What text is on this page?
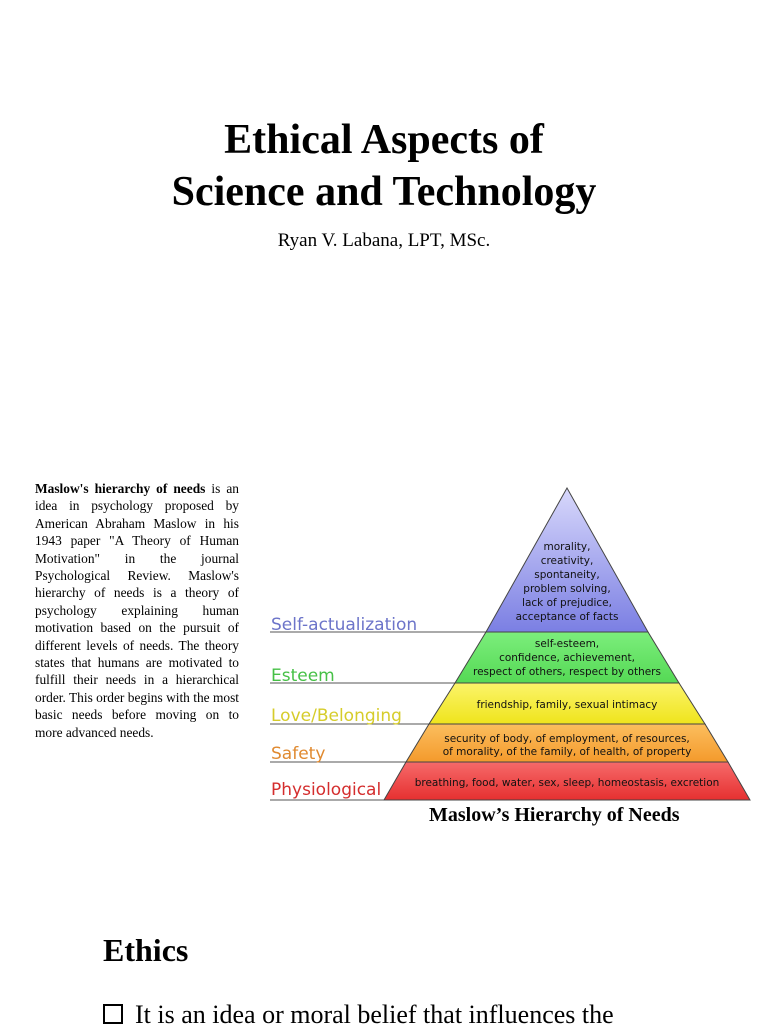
Ethical Aspects of
Science and Technology
Ryan V. Labana, LPT, MSc.
Maslow's hierarchy of needs is an idea in psychology proposed by American Abraham Maslow in his 1943 paper "A Theory of Human Motivation" in the journal Psychological Review. Maslow's hierarchy of needs is a theory of psychology explaining human motivation based on the pursuit of different levels of needs. The theory states that humans are motivated to fulfill their needs in a hierarchical order. This order begins with the most basic needs before moving on to more advanced needs.
Self-actualization
Esteem
Love/Belonging
Safety
Physiological
morality,
creativity,
spontaneity,
problem solving,
lack of prejudice,
acceptance of facts
self-esteem,
confidence, achievement,
respect of others, respect by others
friendship, family, sexual intimacy
security of body, of employment, of resources,
of morality, of the family, of health, of property
breathing, food, water, sex, sleep, homeostasis, excretion
Maslow’s Hierarchy of Needs
Ethics
It is an idea or moral belief that influences the
